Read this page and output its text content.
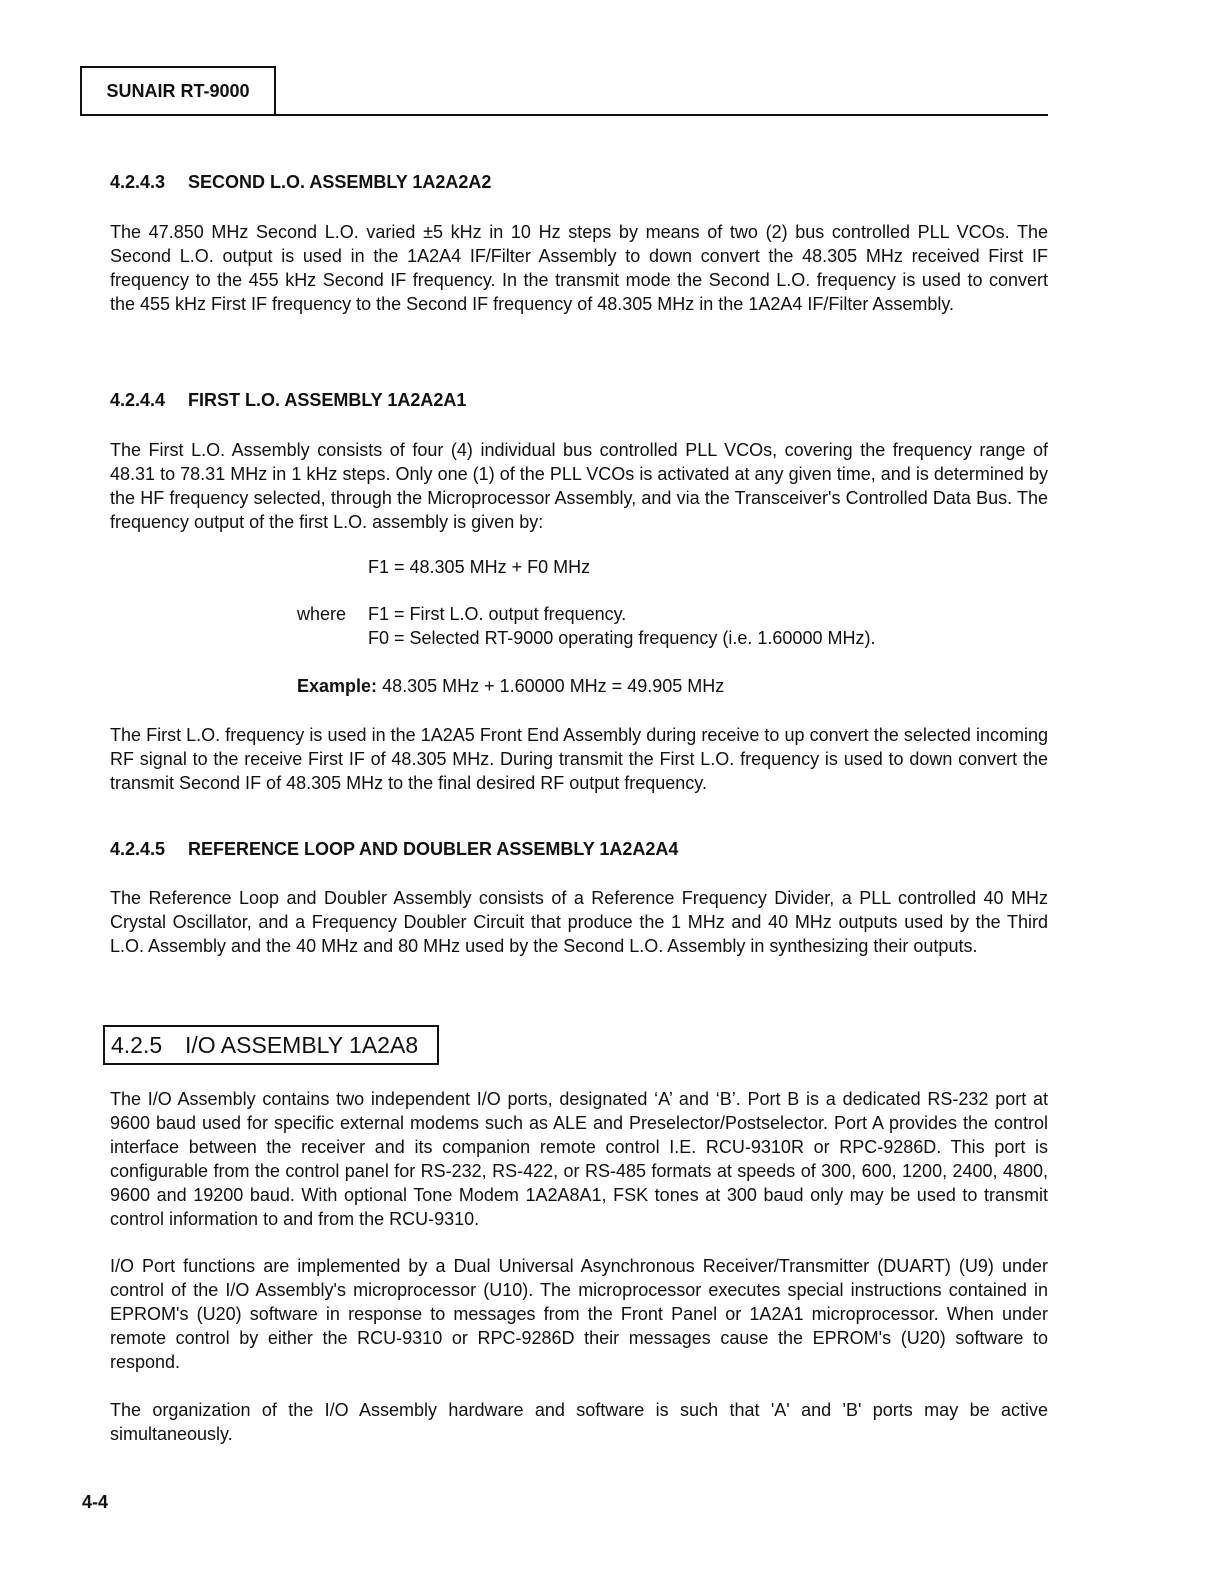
SUNAIR RT-9000
4.2.4.3 SECOND L.O. ASSEMBLY 1A2A2A2

The 47.850 MHz Second L.O. varied ±5 kHz in 10 Hz steps by means of two (2) bus controlled PLL VCOs. The Second L.O. output is used in the 1A2A4 IF/Filter Assembly to down convert the 48.305 MHz received First IF frequency to the 455 kHz Second IF frequency. In the transmit mode the Second L.O. frequency is used to convert the 455 kHz First IF frequency to the Second IF frequency of 48.305 MHz in the 1A2A4 IF/Filter Assembly.

4.2.4.4 FIRST L.O. ASSEMBLY 1A2A2A1

The First L.O. Assembly consists of four (4) individual bus controlled PLL VCOs, covering the frequency range of 48.31 to 78.31 MHz in 1 kHz steps. Only one (1) of the PLL VCOs is activated at any given time, and is determined by the HF frequency selected, through the Microprocessor Assembly, and via the Transceiver's Controlled Data Bus. The frequency output of the first L.O. assembly is given by:

F1 = 48.305 MHz + F0 MHz
where F1 = First L.O. output frequency.
F0 = Selected RT-9000 operating frequency (i.e. 1.60000 MHz).
Example: 48.305 MHz + 1.60000 MHz = 49.905 MHz

The First L.O. frequency is used in the 1A2A5 Front End Assembly during receive to up convert the selected incoming RF signal to the receive First IF of 48.305 MHz. During transmit the First L.O. frequency is used to down convert the transmit Second IF of 48.305 MHz to the final desired RF output frequency.

4.2.4.5 REFERENCE LOOP AND DOUBLER ASSEMBLY 1A2A2A4

The Reference Loop and Doubler Assembly consists of a Reference Frequency Divider, a PLL controlled 40 MHz Crystal Oscillator, and a Frequency Doubler Circuit that produce the 1 MHz and 40 MHz outputs used by the Third L.O. Assembly and the 40 MHz and 80 MHz used by the Second L.O. Assembly in synthesizing their outputs.

4.2.5 I/O ASSEMBLY 1A2A8

The I/O Assembly contains two independent I/O ports, designated ‘A’ and ‘B’. Port B is a dedicated RS-232 port at 9600 baud used for specific external modems such as ALE and Preselector/Postselector. Port A provides the control interface between the receiver and its companion remote control I.E. RCU-9310R or RPC-9286D. This port is configurable from the control panel for RS-232, RS-422, or RS-485 formats at speeds of 300, 600, 1200, 2400, 4800, 9600 and 19200 baud. With optional Tone Modem 1A2A8A1, FSK tones at 300 baud only may be used to transmit control information to and from the RCU-9310.

I/O Port functions are implemented by a Dual Universal Asynchronous Receiver/Transmitter (DUART) (U9) under control of the I/O Assembly's microprocessor (U10). The microprocessor executes special instructions contained in EPROM's (U20) software in response to messages from the Front Panel or 1A2A1 microprocessor. When under remote control by either the RCU-9310 or RPC-9286D their messages cause the EPROM's (U20) software to respond.

The organization of the I/O Assembly hardware and software is such that 'A' and 'B' ports may be active simultaneously.

4-4
